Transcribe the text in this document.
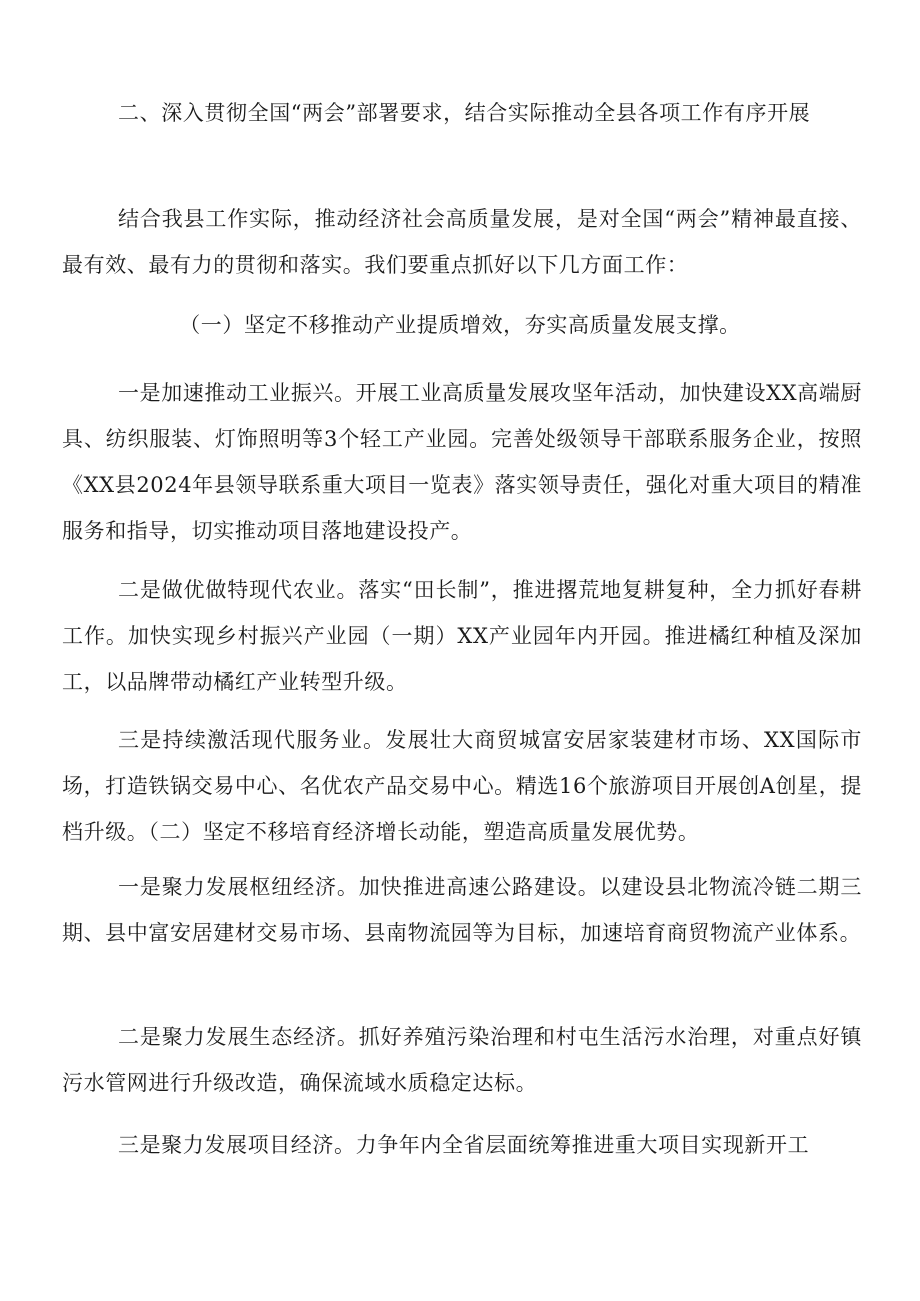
二、深入贯彻全国“两会”部署要求，结合实际推动全县各项工作有序开展

结合我县工作实际，推动经济社会高质量发展，是对全国“两会”精神最直接、最有效、最有力的贯彻和落实。我们要重点抓好以下几方面工作：

（一）坚定不移推动产业提质增效，夯实高质量发展支撑。

一是加速推动工业振兴。开展工业高质量发展攻坚年活动，加快建设XX高端厨具、纺织服装、灯饰照明等3个轻工产业园。完善处级领导干部联系服务企业，按照《XX县2024年县领导联系重大项目一览表》落实领导责任，强化对重大项目的精准服务和指导，切实推动项目落地建设投产。

二是做优做特现代农业。落实“田长制”，推进撂荒地复耕复种，全力抓好春耕工作。加快实现乡村振兴产业园（一期）XX产业园年内开园。推进橘红种植及深加工，以品牌带动橘红产业转型升级。

三是持续激活现代服务业。发展壮大商贸城富安居家装建材市场、XX国际市场，打造铁锅交易中心、名优农产品交易中心。精选16个旅游项目开展创A创星，提档升级。（二）坚定不移培育经济增长动能，塑造高质量发展优势。

一是聚力发展枢纽经济。加快推进高速公路建设。以建设县北物流冷链二期三期、县中富安居建材交易市场、县南物流园等为目标，加速培育商贸物流产业体系。

二是聚力发展生态经济。抓好养殖污染治理和村屯生活污水治理，对重点好镇污水管网进行升级改造，确保流域水质稳定达标。

三是聚力发展项目经济。力争年内全省层面统筹推进重大项目实现新开工
